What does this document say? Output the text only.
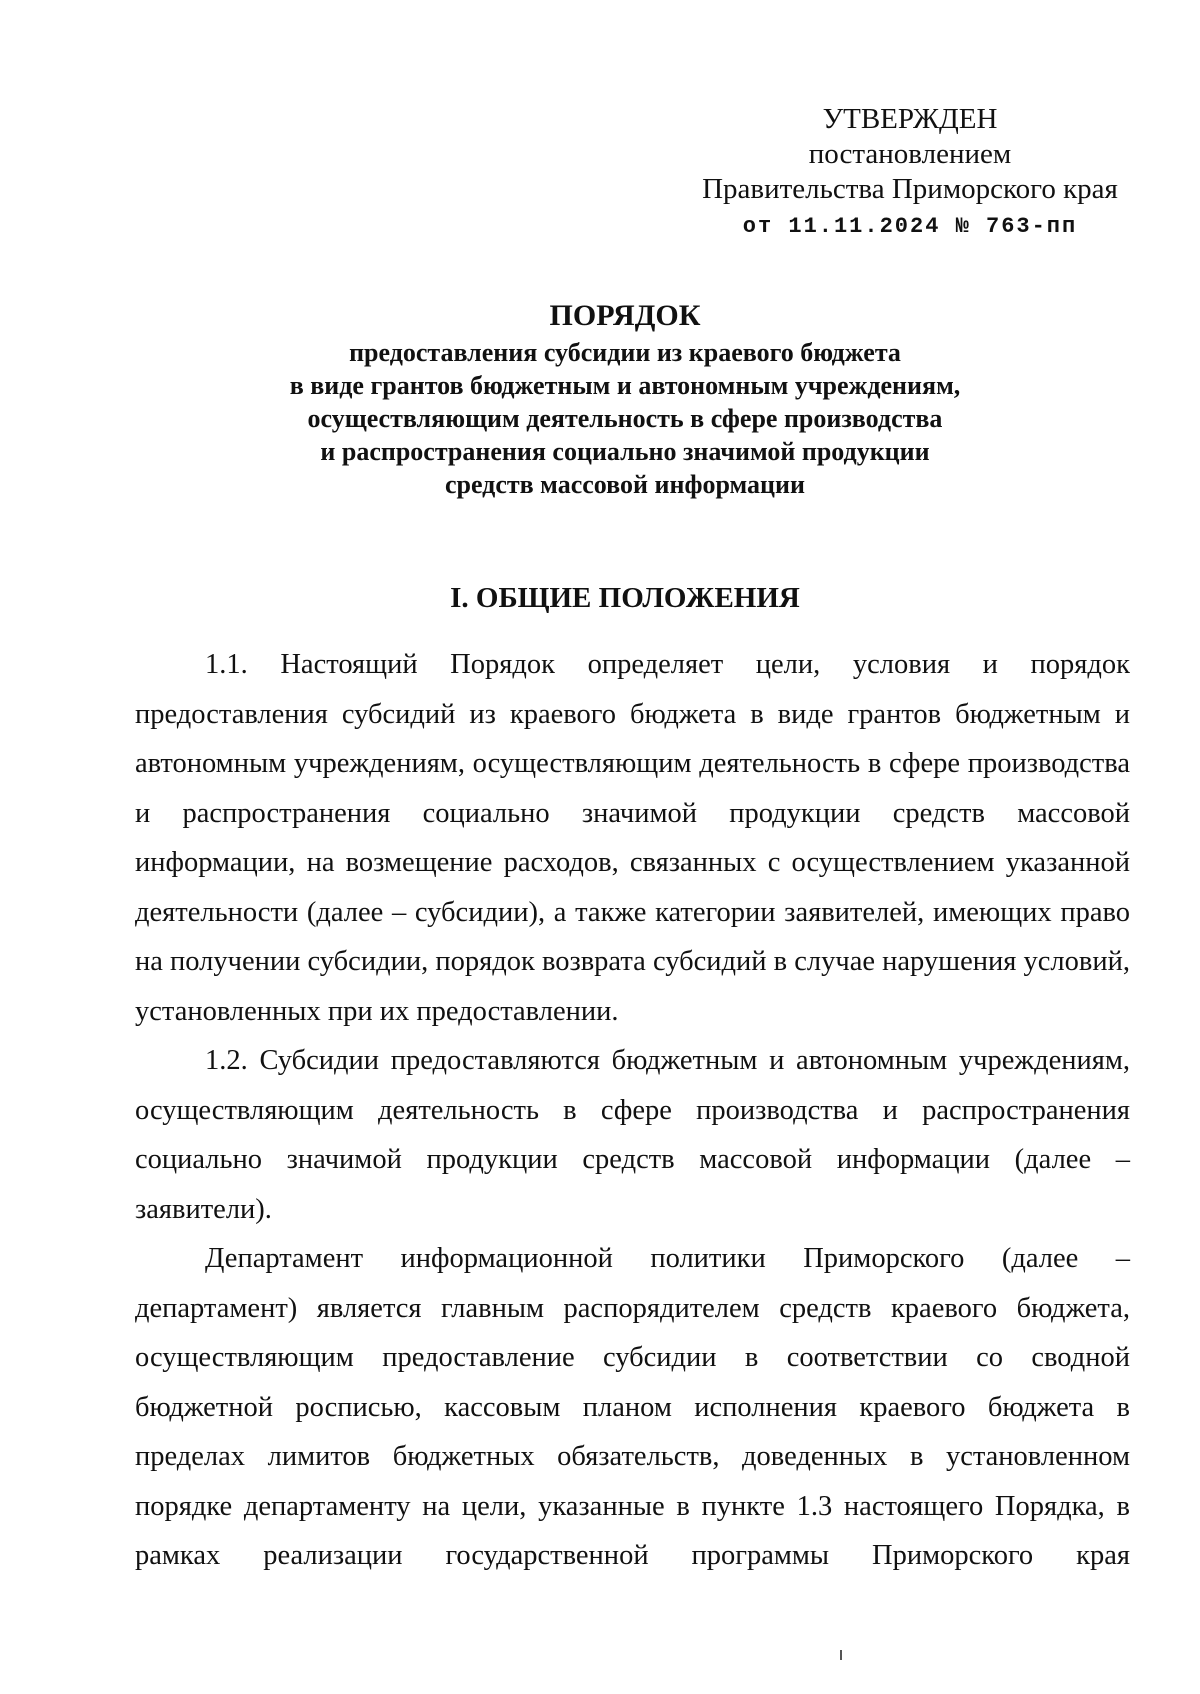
УТВЕРЖДЕН
постановлением
Правительства Приморского края
от 11.11.2024 № 763-пп
ПОРЯДОК
предоставления субсидии из краевого бюджета
в виде грантов бюджетным и автономным учреждениям,
осуществляющим деятельность в сфере производства
и распространения социально значимой продукции
средств массовой информации
I. ОБЩИЕ ПОЛОЖЕНИЯ

1.1. Настоящий Порядок определяет цели, условия и порядок предоставления субсидий из краевого бюджета в виде грантов бюджетным и автономным учреждениям, осуществляющим деятельность в сфере производства и распространения социально значимой продукции средств массовой информации, на возмещение расходов, связанных с осуществлением указанной деятельности (далее – субсидии), а также категории заявителей, имеющих право на получении субсидии, порядок возврата субсидий в случае нарушения условий, установленных при их предоставлении.

1.2. Субсидии предоставляются бюджетным и автономным учреждениям, осуществляющим деятельность в сфере производства и распространения социально значимой продукции средств массовой информации (далее – заявители).

Департамент информационной политики Приморского (далее – департамент) является главным распорядителем средств краевого бюджета, осуществляющим предоставление субсидии в соответствии со сводной бюджетной росписью, кассовым планом исполнения краевого бюджета в пределах лимитов бюджетных обязательств, доведенных в установленном порядке департаменту на цели, указанные в пункте 1.3 настоящего Порядка, в рамках реализации государственной программы Приморского края
